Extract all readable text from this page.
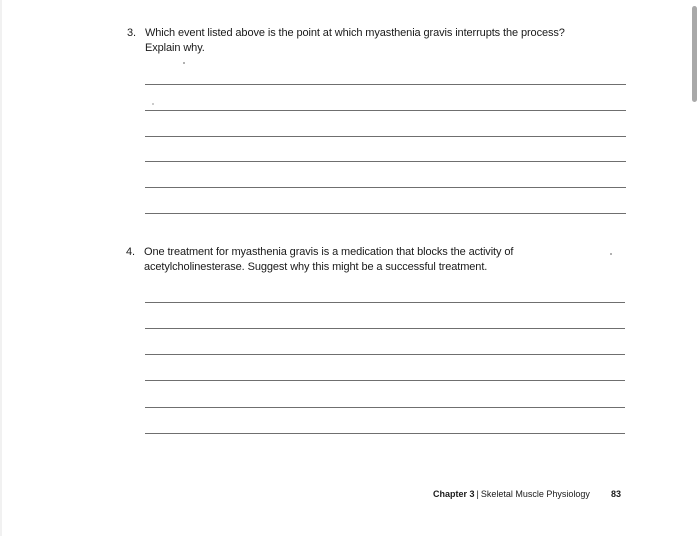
3. Which event listed above is the point at which myasthenia gravis interrupts the process?
Explain why.
4. One treatment for myasthenia gravis is a medication that blocks the activity of
acetylcholinesterase. Suggest why this might be a successful treatment.
Chapter 3 | Skeletal Muscle Physiology 83
